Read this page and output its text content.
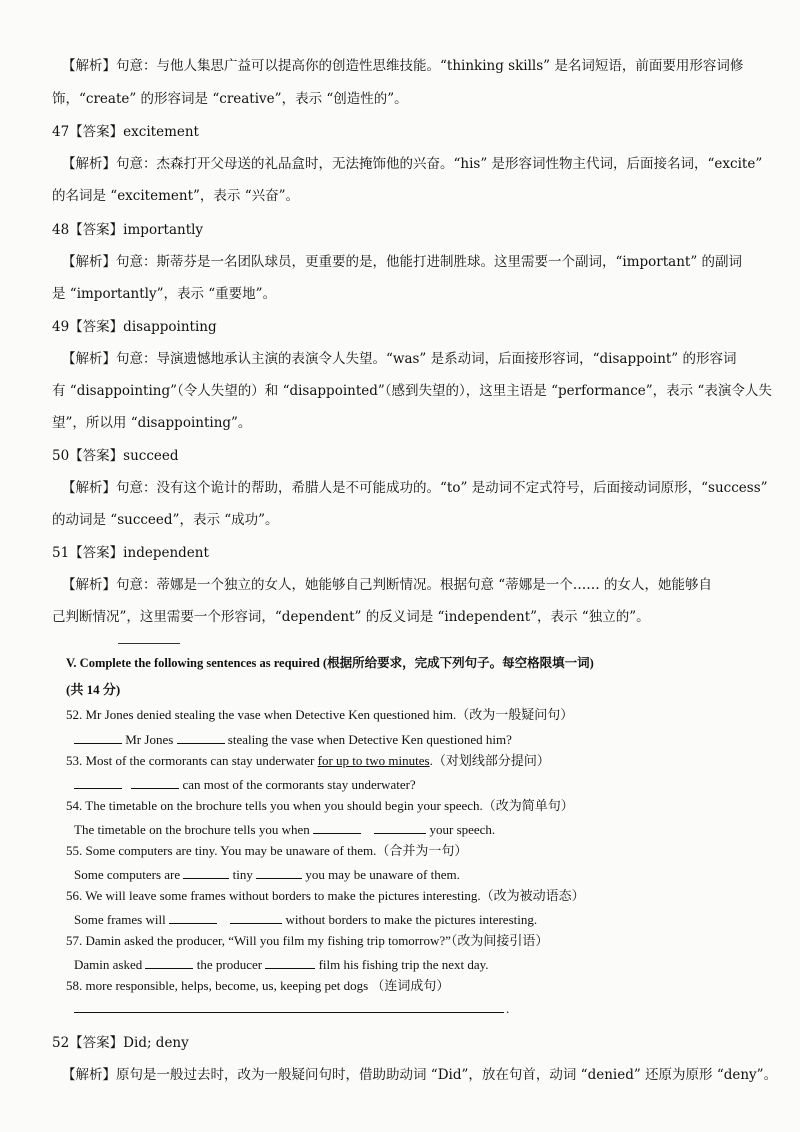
【解析】句意：与他人集思广益可以提高你的创造性思维技能。“thinking skills” 是名词短语，前面要用形容词修
饰，“create” 的形容词是 “creative”，表示 “创造性的”。
47【答案】excitement
【解析】句意：杰森打开父母送的礼品盒时，无法掩饰他的兴奋。“his” 是形容词性物主代词，后面接名词，“excite”
的名词是 “excitement”，表示 “兴奋”。
48【答案】importantly
【解析】句意：斯蒂芬是一名团队球员，更重要的是，他能打进制胜球。这里需要一个副词，“important” 的副词
是 “importantly”，表示 “重要地”。
49【答案】disappointing
【解析】句意：导演遗憾地承认主演的表演令人失望。“was” 是系动词，后面接形容词，“disappoint” 的形容词
有 “disappointing”（令人失望的）和 “disappointed”（感到失望的），这里主语是 “performance”，表示 “表演令人失
望”，所以用 “disappointing”。
50【答案】succeed
【解析】句意：没有这个诡计的帮助，希腊人是不可能成功的。“to” 是动词不定式符号，后面接动词原形，“success”
的动词是 “succeed”，表示 “成功”。
51【答案】independent
【解析】句意：蒂娜是一个独立的女人，她能够自己判断情况。根据句意 “蒂娜是一个…… 的女人，她能够自
己判断情况”，这里需要一个形容词，“dependent” 的反义词是 “independent”，表示 “独立的”。
V. Complete the following sentences as required (根据所给要求，完成下列句子。每空格限填一词)
(共 14 分)
52. Mr Jones denied stealing the vase when Detective Ken questioned him.（改为一般疑问句）
Mr Jones	stealing the vase when Detective Ken questioned him?
53. Most of the cormorants can stay underwater for up to two minutes.（对划线部分提问）
can most of the cormorants stay underwater?
54. The timetable on the brochure tells you when you should begin your speech.（改为简单句）
The timetable on the brochure tells you when	your speech.
55. Some computers are tiny. You may be unaware of them.（合并为一句）
Some computers are	tiny	you may be unaware of them.
56. We will leave some frames without borders to make the pictures interesting.（改为被动语态）
Some frames will	without borders to make the pictures interesting.
57. Damin asked the producer, “Will you film my fishing trip tomorrow?”（改为间接引语）
Damin asked	the producer	film his fishing trip the next day.
58. more responsible, helps, become, us, keeping pet dogs （连词成句）
.
52【答案】Did; deny
【解析】原句是一般过去时，改为一般疑问句时，借助助动词 “Did”，放在句首，动词 “denied” 还原为原形 “deny”。
